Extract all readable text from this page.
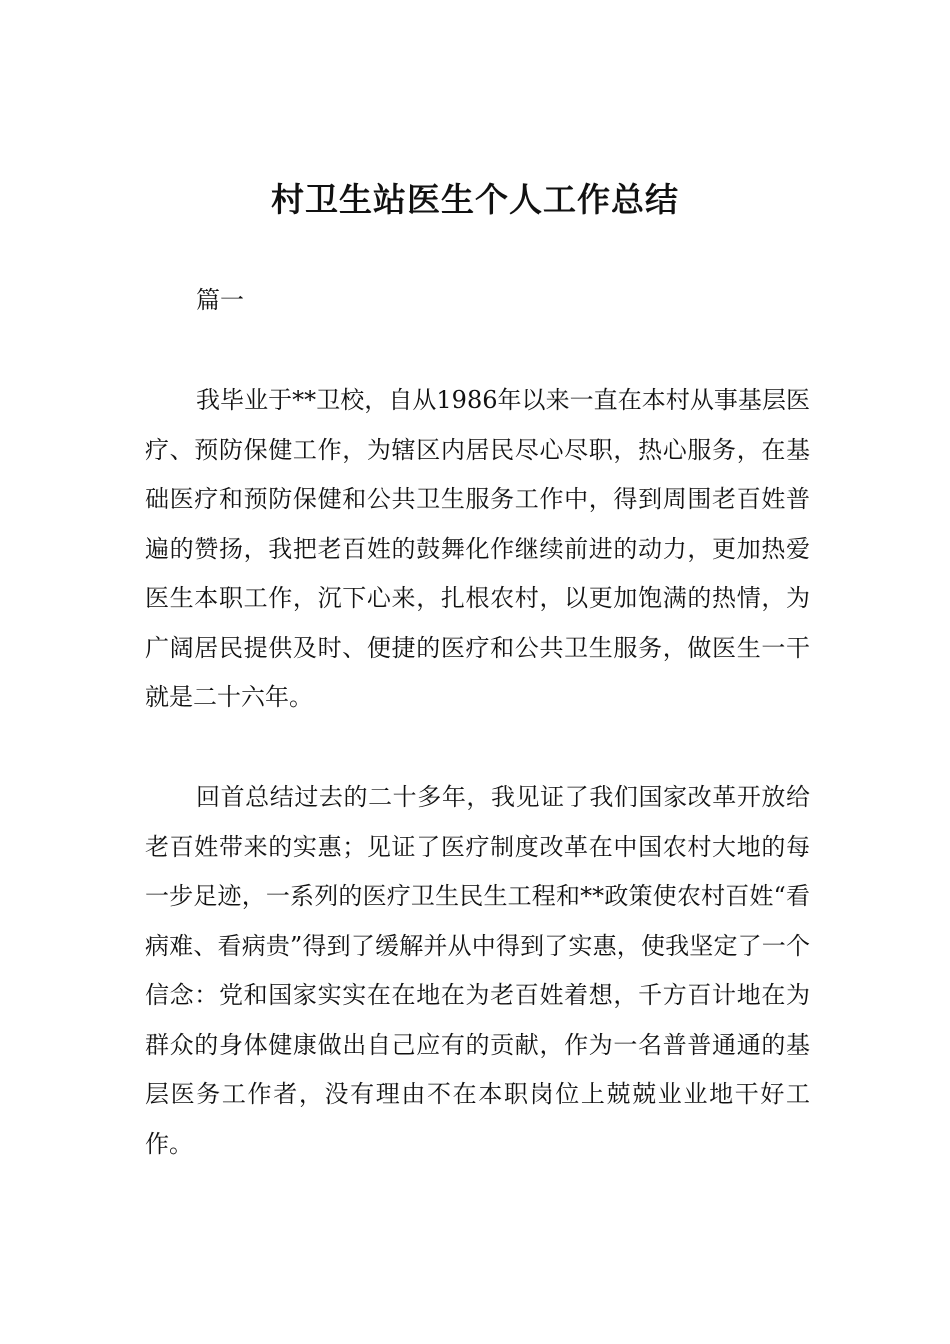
村卫生站医生个人工作总结
篇一

我毕业于**卫校，自从1986年以来一直在本村从事基层医疗、预防保健工作，为辖区内居民尽心尽职，热心服务，在基础医疗和预防保健和公共卫生服务工作中，得到周围老百姓普遍的赞扬，我把老百姓的鼓舞化作继续前进的动力，更加热爱医生本职工作，沉下心来，扎根农村，以更加饱满的热情，为广阔居民提供及时、便捷的医疗和公共卫生服务，做医生一干就是二十六年。

回首总结过去的二十多年，我见证了我们国家改革开放给老百姓带来的实惠；见证了医疗制度改革在中国农村大地的每一步足迹，一系列的医疗卫生民生工程和**政策使农村百姓“看病难、看病贵”得到了缓解并从中得到了实惠，使我坚定了一个信念：党和国家实实在在地在为老百姓着想，千方百计地在为群众的身体健康做出自己应有的贡献，作为一名普普通通的基层医务工作者，没有理由不在本职岗位上兢兢业业地干好工作。
